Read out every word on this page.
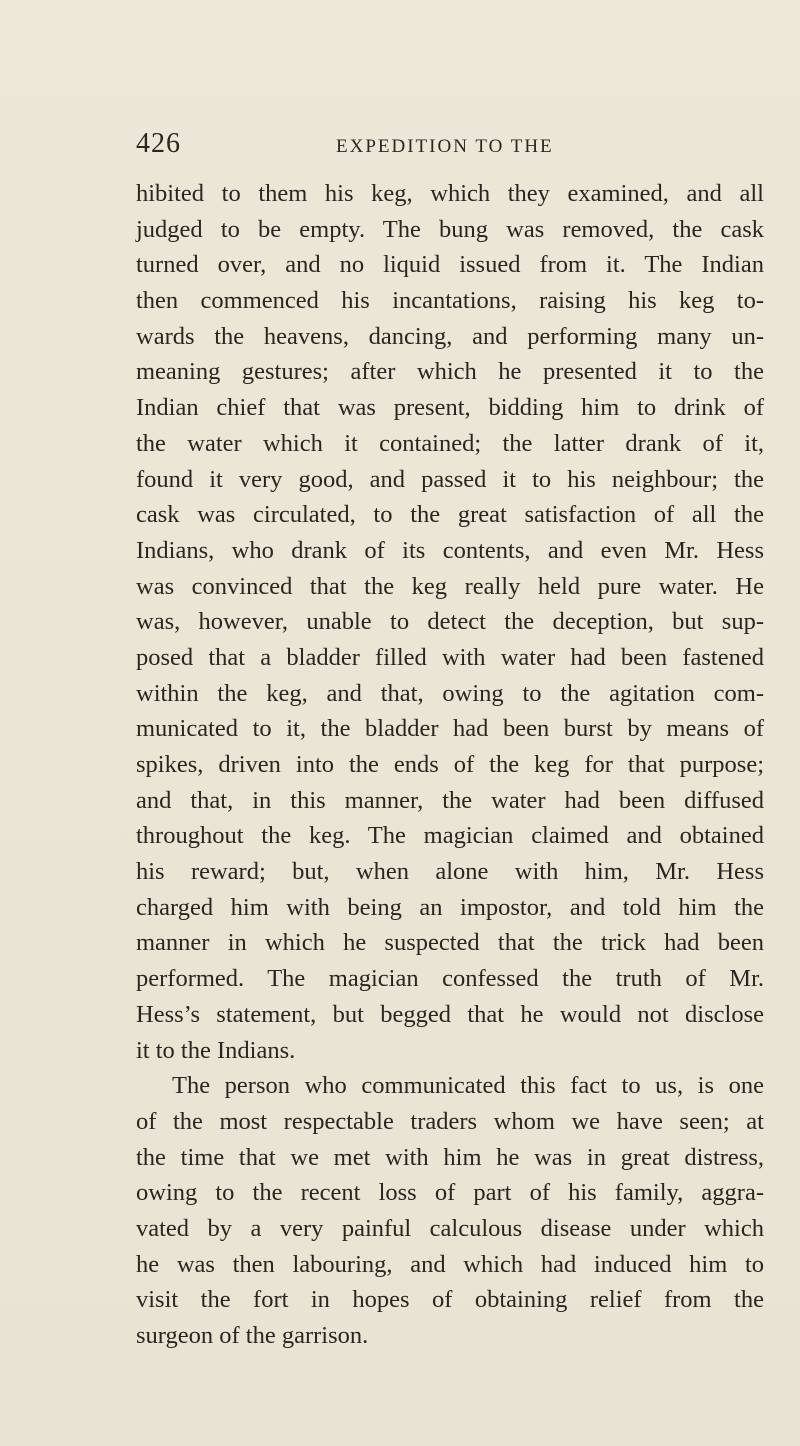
426	EXPEDITION TO THE
hibited to them his keg, which they examined, and all
judged to be empty. The bung was removed, the cask
turned over, and no liquid issued from it. The Indian
then commenced his incantations, raising his keg to-
wards the heavens, dancing, and performing many un-
meaning gestures; after which he presented it to the
Indian chief that was present, bidding him to drink of
the water which it contained; the latter drank of it,
found it very good, and passed it to his neighbour; the
cask was circulated, to the great satisfaction of all the
Indians, who drank of its contents, and even Mr. Hess
was convinced that the keg really held pure water. He
was, however, unable to detect the deception, but sup-
posed that a bladder filled with water had been fastened
within the keg, and that, owing to the agitation com-
municated to it, the bladder had been burst by means of
spikes, driven into the ends of the keg for that purpose;
and that, in this manner, the water had been diffused
throughout the keg. The magician claimed and obtained
his reward; but, when alone with him, Mr. Hess
charged him with being an impostor, and told him the
manner in which he suspected that the trick had been
performed. The magician confessed the truth of Mr.
Hess’s statement, but begged that he would not disclose
it to the Indians.
The person who communicated this fact to us, is one
of the most respectable traders whom we have seen; at
the time that we met with him he was in great distress,
owing to the recent loss of part of his family, aggra-
vated by a very painful calculous disease under which
he was then labouring, and which had induced him to
visit the fort in hopes of obtaining relief from the
surgeon of the garrison.
